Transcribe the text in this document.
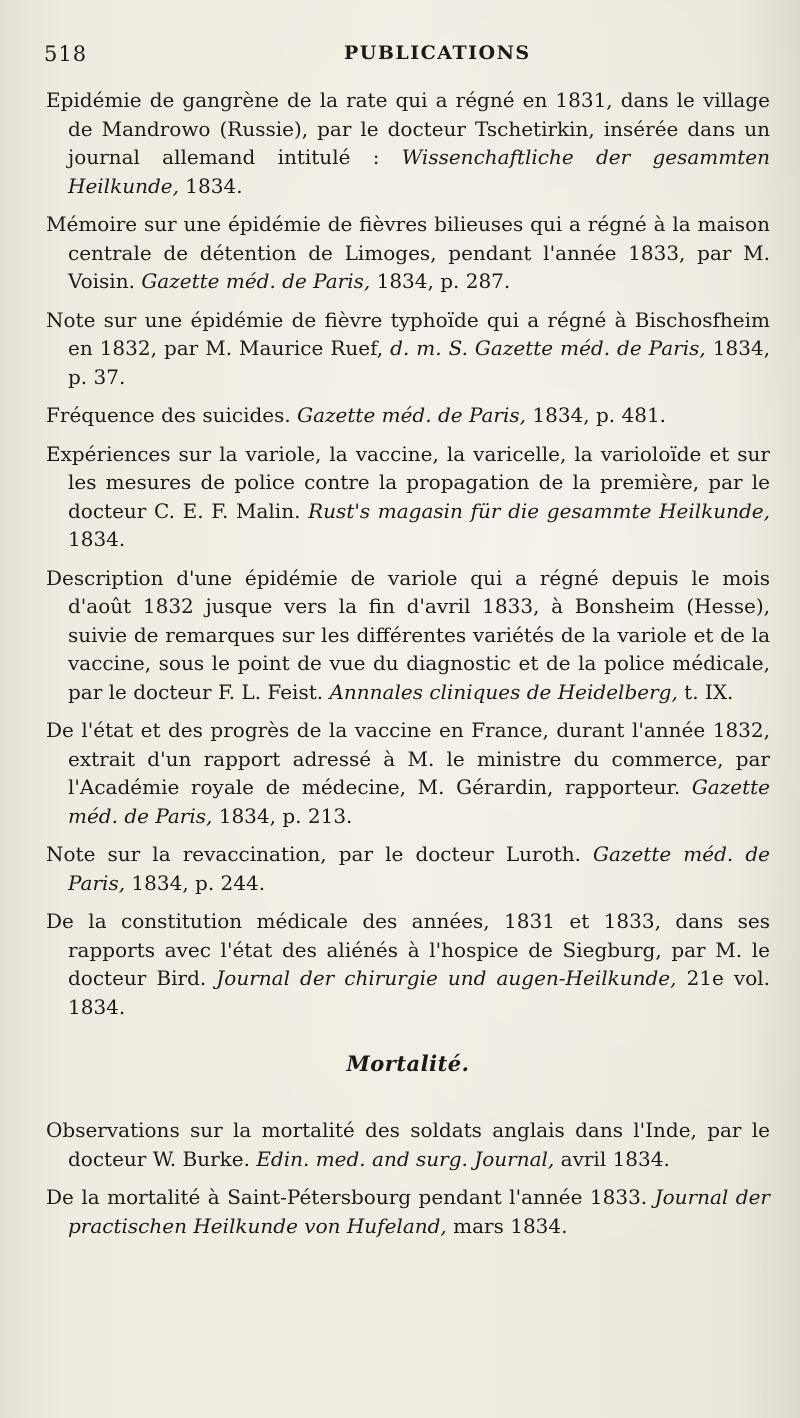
518	PUBLICATIONS

Epidémie de gangrène de la rate qui a régné en 1831, dans le village de Mandrowo (Russie), par le docteur Tschetirkin, insérée dans un journal allemand intitulé : Wissenchaftliche der gesammten Heilkunde, 1834.

Mémoire sur une épidémie de fièvres bilieuses qui a régné à la maison centrale de détention de Limoges, pendant l'année 1833, par M. Voisin. Gazette méd. de Paris, 1834, p. 287.

Note sur une épidémie de fièvre typhoïde qui a régné à Bischosfheim en 1832, par M. Maurice Ruef, d. m. S. Gazette méd. de Paris, 1834, p. 37.

Fréquence des suicides. Gazette méd. de Paris, 1834, p. 481.

Expériences sur la variole, la vaccine, la varicelle, la varioloïde et sur les mesures de police contre la propagation de la première, par le docteur C. E. F. Malin. Rust's magasin für die gesammte Heilkunde, 1834.

Description d'une épidémie de variole qui a régné depuis le mois d'août 1832 jusque vers la fin d'avril 1833, à Bonsheim (Hesse), suivie de remarques sur les différentes variétés de la variole et de la vaccine, sous le point de vue du diagnostic et de la police médicale, par le docteur F. L. Feist. Annnales cliniques de Heidelberg, t. IX.

De l'état et des progrès de la vaccine en France, durant l'année 1832, extrait d'un rapport adressé à M. le ministre du commerce, par l'Académie royale de médecine, M. Gérardin, rapporteur. Gazette méd. de Paris, 1834, p. 213.

Note sur la revaccination, par le docteur Luroth. Gazette méd. de Paris, 1834, p. 244.

De la constitution médicale des années, 1831 et 1833, dans ses rapports avec l'état des aliénés à l'hospice de Siegburg, par M. le docteur Bird. Journal der chirurgie und augen-Heilkunde, 21e vol. 1834.

Mortalité.

Observations sur la mortalité des soldats anglais dans l'Inde, par le docteur W. Burke. Edin. med. and surg. Journal, avril 1834.

De la mortalité à Saint-Pétersbourg pendant l'année 1833. Journal der practischen Heilkunde von Hufeland, mars 1834.
